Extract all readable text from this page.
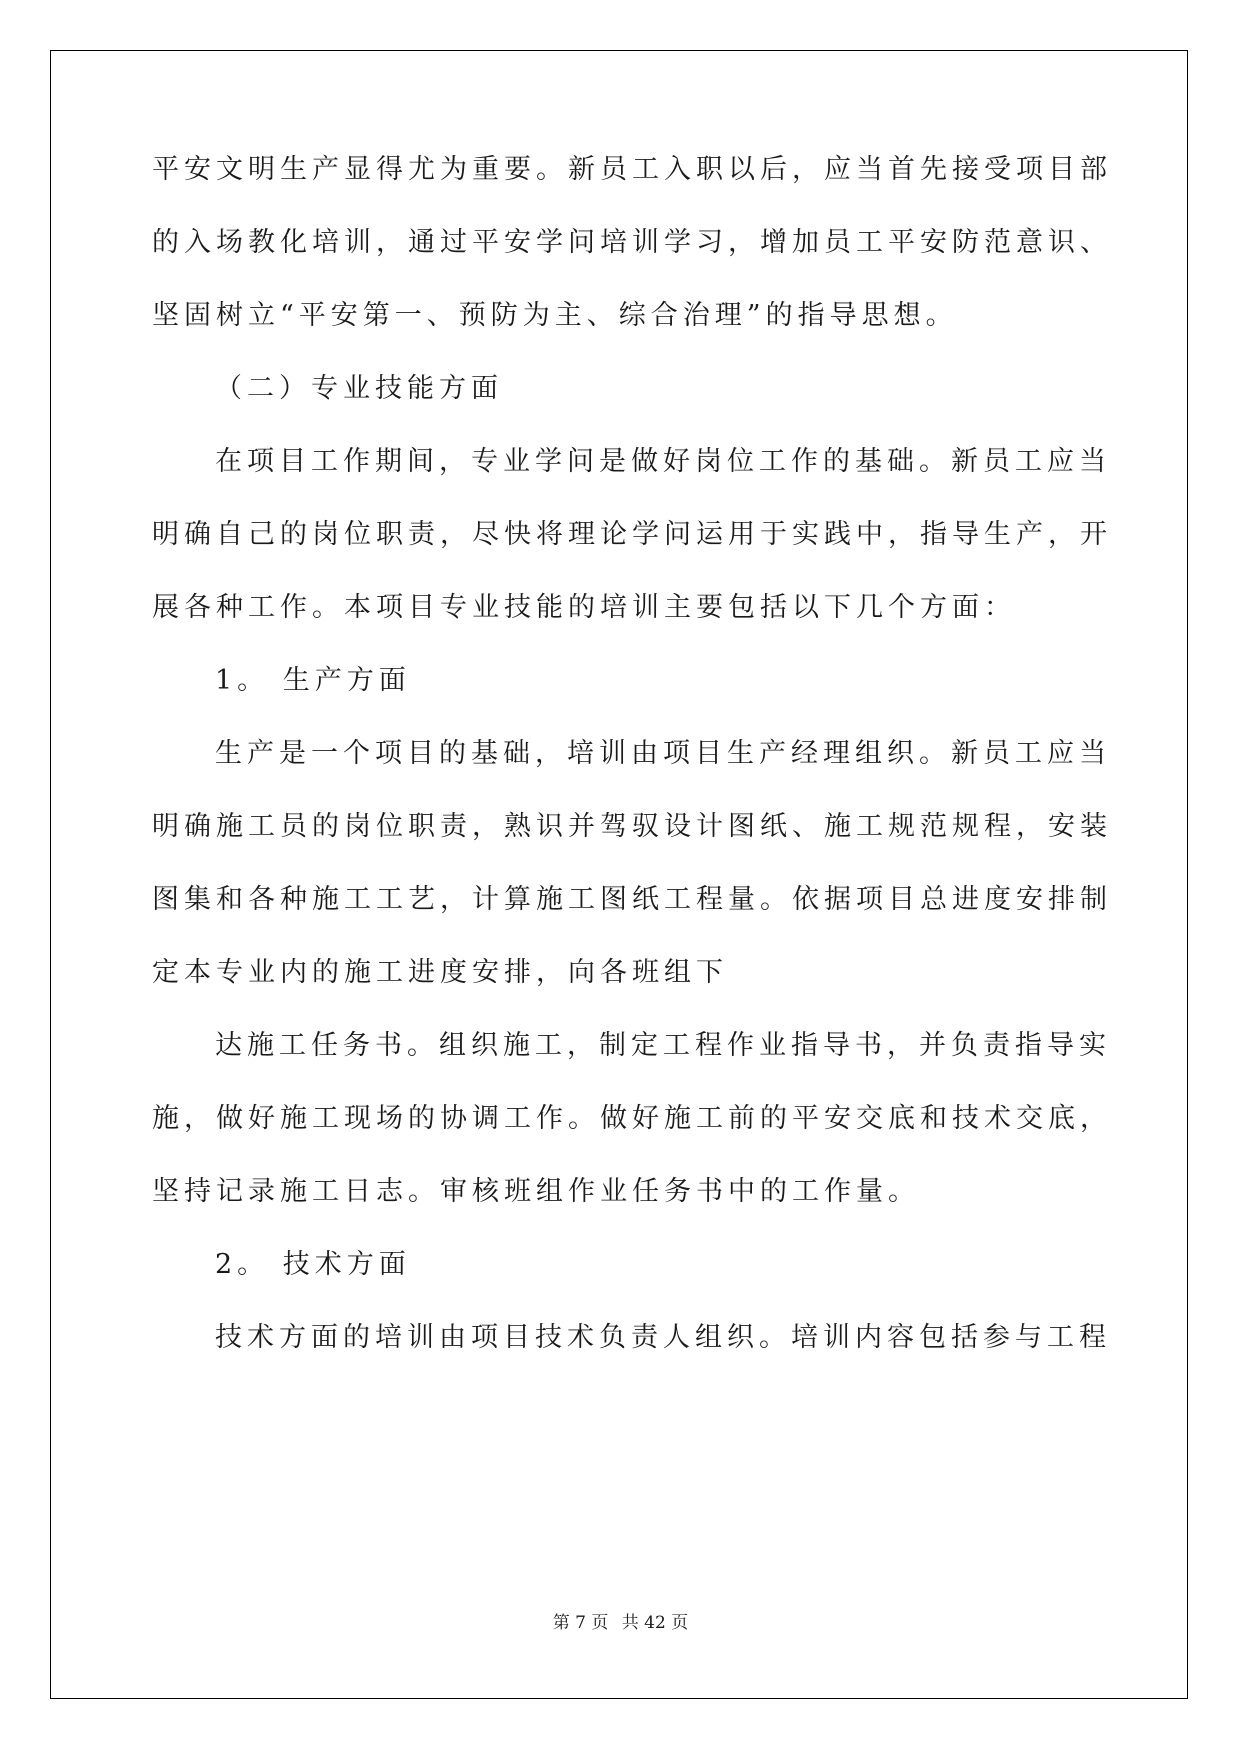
平安文明生产显得尤为重要。新员工入职以后，应当首先接受项目部
的入场教化培训，通过平安学问培训学习，增加员工平安防范意识、
坚固树立“平安第一、预防为主、综合治理”的指导思想。
（二）专业技能方面
在项目工作期间，专业学问是做好岗位工作的基础。新员工应当
明确自己的岗位职责，尽快将理论学问运用于实践中，指导生产，开
展各种工作。本项目专业技能的培训主要包括以下几个方面：
1。 生产方面
生产是一个项目的基础，培训由项目生产经理组织。新员工应当
明确施工员的岗位职责，熟识并驾驭设计图纸、施工规范规程，安装
图集和各种施工工艺，计算施工图纸工程量。依据项目总进度安排制
定本专业内的施工进度安排，向各班组下
达施工任务书。组织施工，制定工程作业指导书，并负责指导实
施，做好施工现场的协调工作。做好施工前的平安交底和技术交底，
坚持记录施工日志。审核班组作业任务书中的工作量。
2。 技术方面
技术方面的培训由项目技术负责人组织。培训内容包括参与工程
第 7 页 共 42 页
